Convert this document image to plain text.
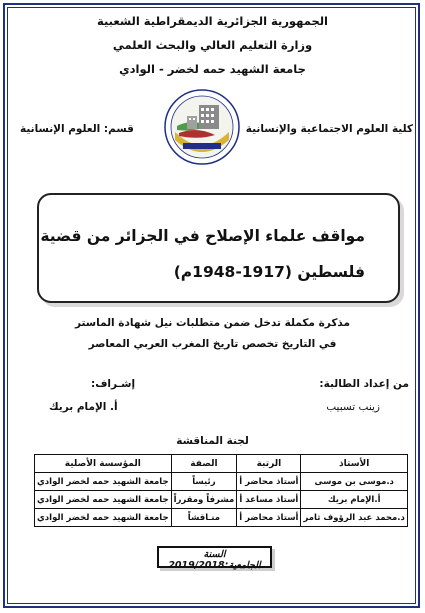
الجمهورية الجزائرية الديمقراطية الشعبية
وزارة التعليم العالي والبحث العلمي
جامعة الشهيد حمه لخضر - الوادي
كلية العلوم الاجتماعية والإنسانية
قسم: العلوم الإنسانية
مواقف علماء الإصلاح في الجزائر من قضية
فلسطين (1917-1948م)
مذكرة مكملة تدخل ضمن متطلبات نيل شهادة الماستر
في التاريخ تخصص تاريخ المغرب العربي المعاصر
من إعداد الطالبة:
زينب تسبيب
إشـراف:
أ. الإمام بريك
لجنة المناقشة
الأستاذ	الرتبة	الصفة	المؤسسة الأصلية
د.موسى بن موسى	أستاذ محاضر أ	رئيساً	جامعة الشهيد حمه لخضر الوادي
أ.الإمام بريك	أستاذ مساعد أ	مشرفاً ومقرراً	جامعة الشهيد حمه لخضر الوادي
د.محمد عبد الرؤوف ثامر	أستاذ محاضر أ	منـاقشاً	جامعة الشهيد حمه لخضر الوادي
السنة الجامعية:2019/2018
